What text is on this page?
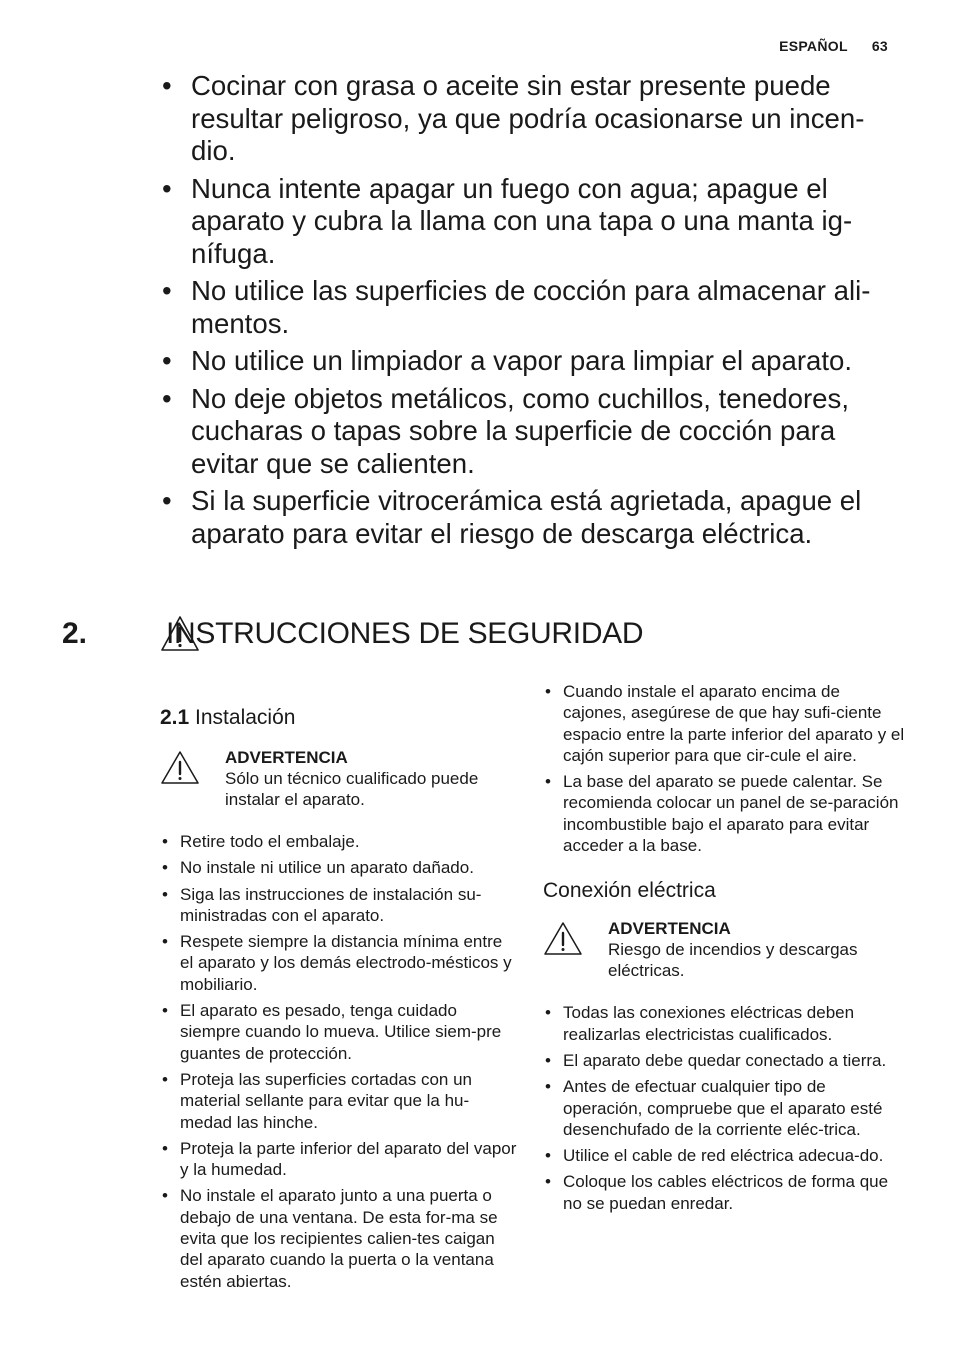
ESPAÑOL 63
• Cocinar con grasa o aceite sin estar presente puede resultar peligroso, ya que podría ocasionarse un incen-dio.
• Nunca intente apagar un fuego con agua; apague el aparato y cubra la llama con una tapa o una manta ig-nífuga.
• No utilice las superficies de cocción para almacenar ali-mentos.
• No utilice un limpiador a vapor para limpiar el aparato.
• No deje objetos metálicos, como cuchillos, tenedores, cucharas o tapas sobre la superficie de cocción para evitar que se calienten.
• Si la superficie vitrocerámica está agrietada, apague el aparato para evitar el riesgo de descarga eléctrica.
2.	INSTRUCCIONES DE SEGURIDAD
2.1 Instalación
ADVERTENCIA
Sólo un técnico cualificado puede instalar el aparato.
• Retire todo el embalaje.
• No instale ni utilice un aparato dañado.
• Siga las instrucciones de instalación su-ministradas con el aparato.
• Respete siempre la distancia mínima entre el aparato y los demás electrodo-mésticos y mobiliario.
• El aparato es pesado, tenga cuidado siempre cuando lo mueva. Utilice siem-pre guantes de protección.
• Proteja las superficies cortadas con un material sellante para evitar que la hu-medad las hinche.
• Proteja la parte inferior del aparato del vapor y la humedad.
• No instale el aparato junto a una puerta o debajo de una ventana. De esta for-ma se evita que los recipientes calien-tes caigan del aparato cuando la puerta o la ventana estén abiertas.
• Cuando instale el aparato encima de cajones, asegúrese de que hay sufi-ciente espacio entre la parte inferior del aparato y el cajón superior para que cir-cule el aire.
• La base del aparato se puede calentar. Se recomienda colocar un panel de se-paración incombustible bajo el aparato para evitar acceder a la base.
Conexión eléctrica
ADVERTENCIA
Riesgo de incendios y descargas eléctricas.
• Todas las conexiones eléctricas deben realizarlas electricistas cualificados.
• El aparato debe quedar conectado a tierra.
• Antes de efectuar cualquier tipo de operación, compruebe que el aparato esté desenchufado de la corriente eléc-trica.
• Utilice el cable de red eléctrica adecua-do.
• Coloque los cables eléctricos de forma que no se puedan enredar.
